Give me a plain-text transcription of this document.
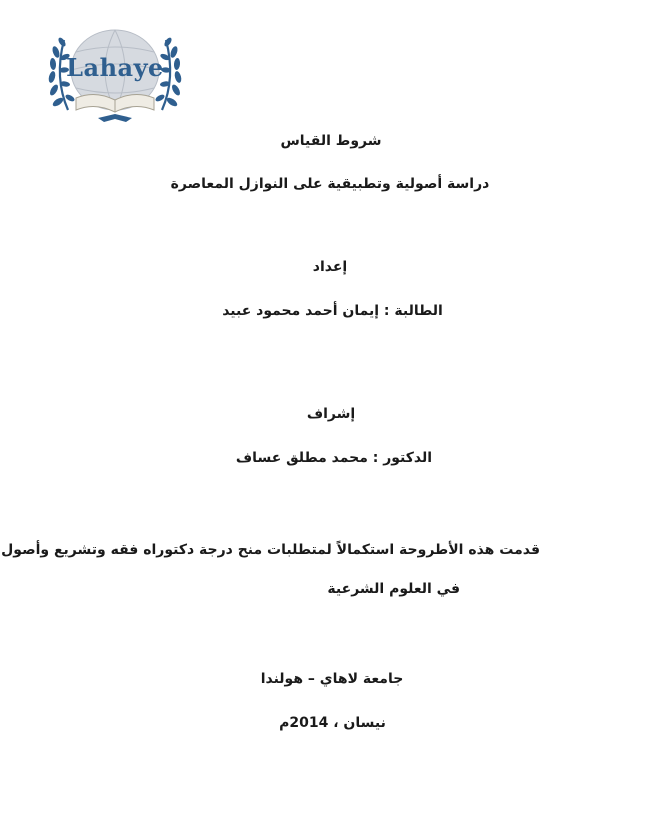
Lahaye
شروط القياس
دراسة أصولية وتطبيقية على النوازل المعاصرة
إعداد
الطالبة : إيمان أحمد محمود عبيد
إشراف
الدكتور : محمد مطلق عساف
قدمت هذه الأطروحة استكمالاً لمتطلبات منح درجة دكتوراه فقه وتشريع وأصول
في العلوم الشرعية
جامعة لاهاي – هولندا
نيسان ، 2014م
